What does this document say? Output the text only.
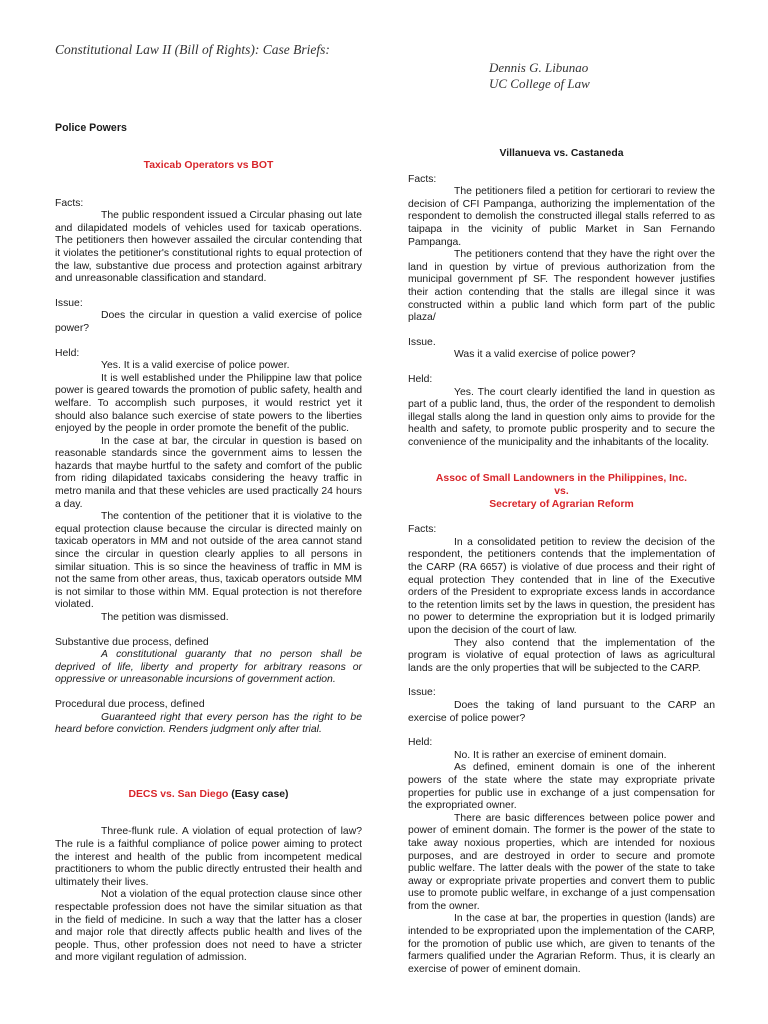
Constitutional Law II (Bill of Rights): Case Briefs:
Dennis G. Libunao
UC College of Law
Police Powers
Taxicab Operators vs BOT
Facts:

The public respondent issued a Circular phasing out late and dilapidated models of vehicles used for taxicab operations. The petitioners then however assailed the circular contending that it violates the petitioner's constitutional rights to equal protection of the law, substantive due process and protection against arbitrary and unreasonable classification and standard.

Issue:

Does the circular in question a valid exercise of police power?

Held:

Yes. It is a valid exercise of police power.

It is well established under the Philippine law that police power is geared towards the promotion of public safety, health and welfare. To accomplish such purposes, it would restrict yet it should also balance such exercise of state powers to the liberties enjoyed by the people in order promote the benefit of the public.

In the case at bar, the circular in question is based on reasonable standards since the government aims to lessen the hazards that maybe hurtful to the safety and comfort of the public from riding dilapidated taxicabs considering the heavy traffic in metro manila and that these vehicles are used practically 24 hours a day.

The contention of the petitioner that it is violative to the equal protection clause because the circular is directed mainly on taxicab operators in MM and not outside of the area cannot stand since the circular in question clearly applies to all persons in similar situation. This is so since the heaviness of traffic in MM is not the same from other areas, thus, taxicab operators outside MM is not similar to those within MM. Equal protection is not therefore violated.

The petition was dismissed.

Substantive due process, defined

A constitutional guaranty that no person shall be deprived of life, liberty and property for arbitrary reasons or oppressive or unreasonable incursions of government action.

Procedural due process, defined

Guaranteed right that every person has the right to be heard before conviction. Renders judgment only after trial.

DECS vs. San Diego (Easy case)

Three-flunk rule. A violation of equal protection of law? The rule is a faithful compliance of police power aiming to protect the interest and health of the public from incompetent medical practitioners to whom the public directly entrusted their health and ultimately their lives.

Not a violation of the equal protection clause since other respectable profession does not have the similar situation as that in the field of medicine. In such a way that the latter has a closer and major role that directly affects public health and lives of the people. Thus, other profession does not need to have a stricter and more vigilant regulation of admission.

Villanueva vs. Castaneda
Facts:

The petitioners filed a petition for certiorari to review the decision of CFI Pampanga, authorizing the implementation of the respondent to demolish the constructed illegal stalls referred to as taipapa in the vicinity of public Market in San Fernando Pampanga.

The petitioners contend that they have the right over the land in question by virtue of previous authorization from the municipal government pf SF. The respondent however justifies their action contending that the stalls are illegal since it was constructed within a public land which form part of the public plaza/

Issue.

Was it a valid exercise of police power?

Held:

Yes. The court clearly identified the land in question as part of a public land, thus, the order of the respondent to demolish illegal stalls along the land in question only aims to provide for the health and safety, to promote public prosperity and to secure the convenience of the municipality and the inhabitants of the locality.

Assoc of Small Landowners in the Philippines, Inc.
vs.
Secretary of Agrarian Reform
Facts:

In a consolidated petition to review the decision of the respondent, the petitioners contends that the implementation of the CARP (RA 6657) is violative of due process and their right of equal protection They contended that in line of the Executive orders of the President to expropriate excess lands in accordance to the retention limits set by the laws in question, the president has no power to determine the expropriation but it is lodged primarily upon the decision of the court of law.

They also contend that the implementation of the program is violative of equal protection of laws as agricultural lands are the only properties that will be subjected to the CARP.

Issue:

Does the taking of land pursuant to the CARP an exercise of police power?

Held:

No. It is rather an exercise of eminent domain.

As defined, eminent domain is one of the inherent powers of the state where the state may expropriate private properties for public use in exchange of a just compensation for the expropriated owner.

There are basic differences between police power and power of eminent domain. The former is the power of the state to take away noxious properties, which are intended for noxious purposes, and are destroyed in order to secure and promote public welfare. The latter deals with the power of the state to take away or expropriate private properties and convert them to public use to promote public welfare, in exchange of a just compensation from the owner.

In the case at bar, the properties in question (lands) are intended to be expropriated upon the implementation of the CARP, for the promotion of public use which, are given to tenants of the farmers qualified under the Agrarian Reform. Thus, it is clearly an exercise of power of eminent domain.
